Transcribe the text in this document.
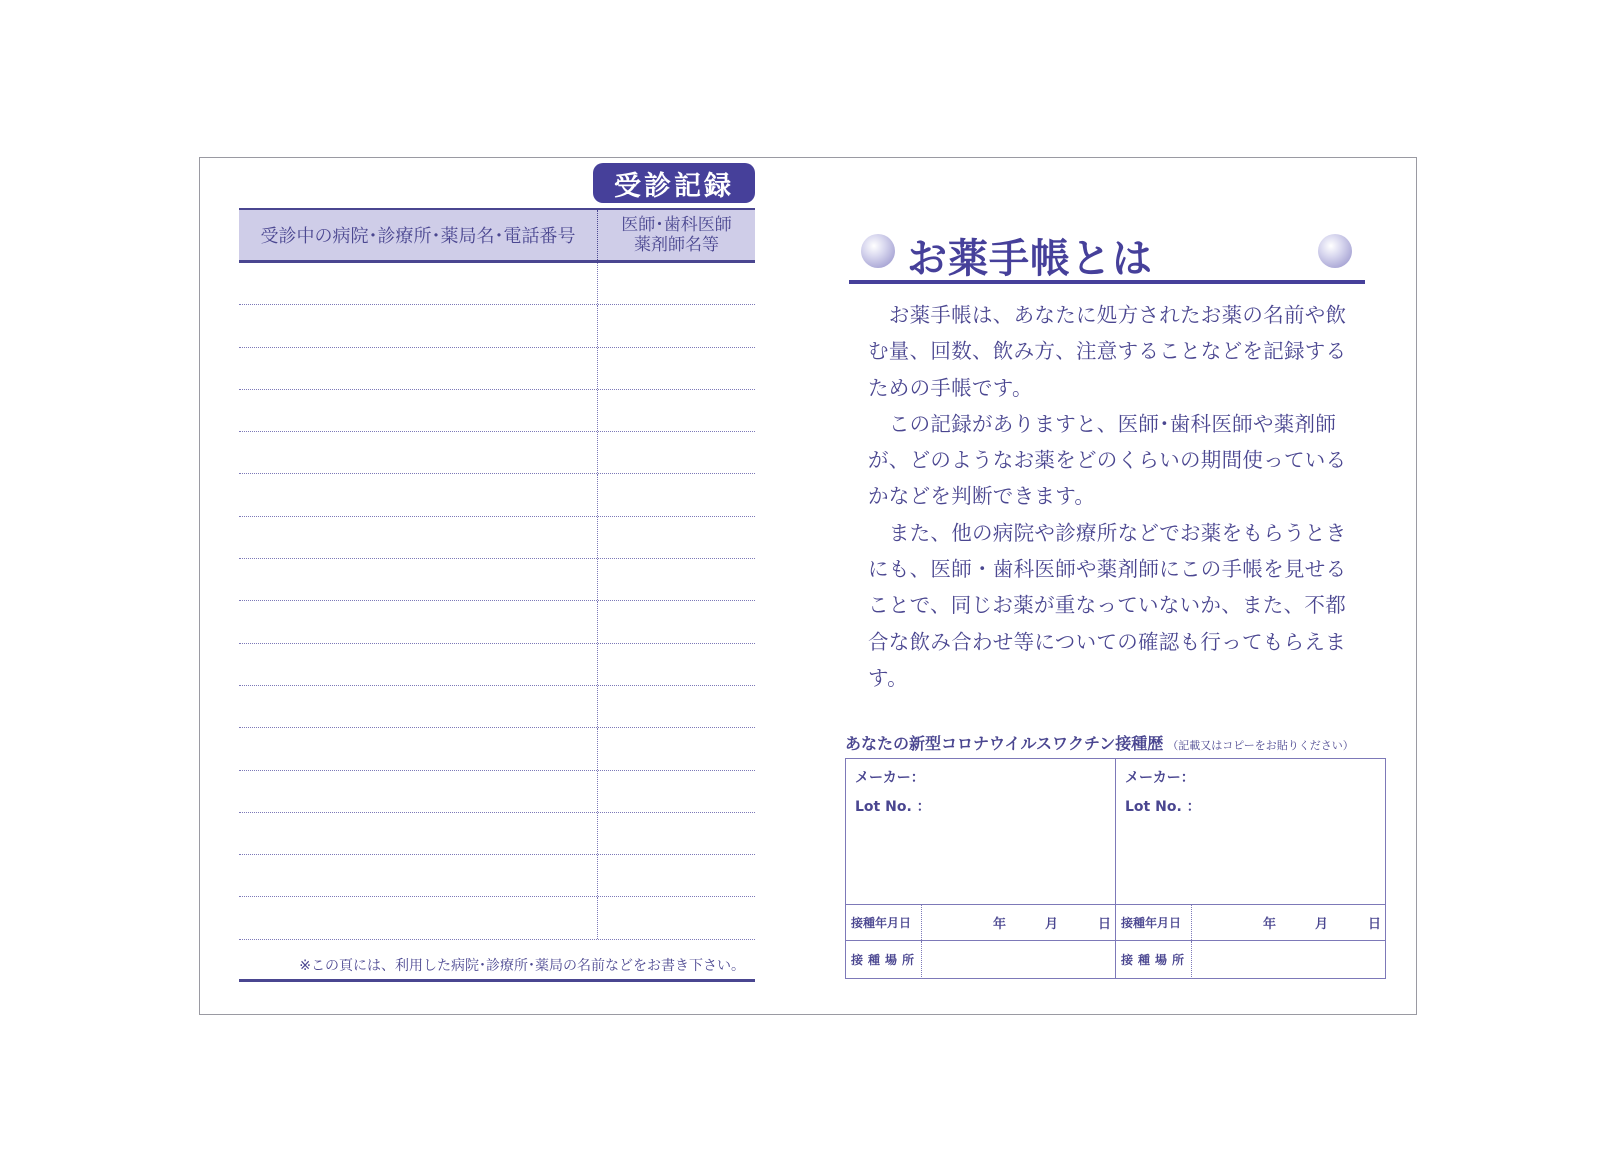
受診記録
受診中の病院･診療所･薬局名･電話番号
医師･歯科医師
薬剤師名等
※この頁には、利用した病院･診療所･薬局の名前などをお書き下さい。
お薬手帳とは

　お薬手帳は、あなたに処方されたお薬の名前や飲む量、回数、飲み方、注意することなどを記録するための手帳です。

　この記録がありますと、医師･歯科医師や薬剤師が、どのようなお薬をどのくらいの期間使っているかなどを判断できます。

　また、他の病院や診療所などでお薬をもらうときにも、医師・歯科医師や薬剤師にこの手帳を見せることで、同じお薬が重なっていないか、また、不都合な飲み合わせ等についての確認も行ってもらえます。

あなたの新型コロナウイルスワクチン接種歴 （記載又はコピーをお貼りください）
メーカー：
Lot No. ：
接種年月日	年	月	日
接種場所
メーカー：
Lot No. ：
接種年月日	年	月	日
接種場所
